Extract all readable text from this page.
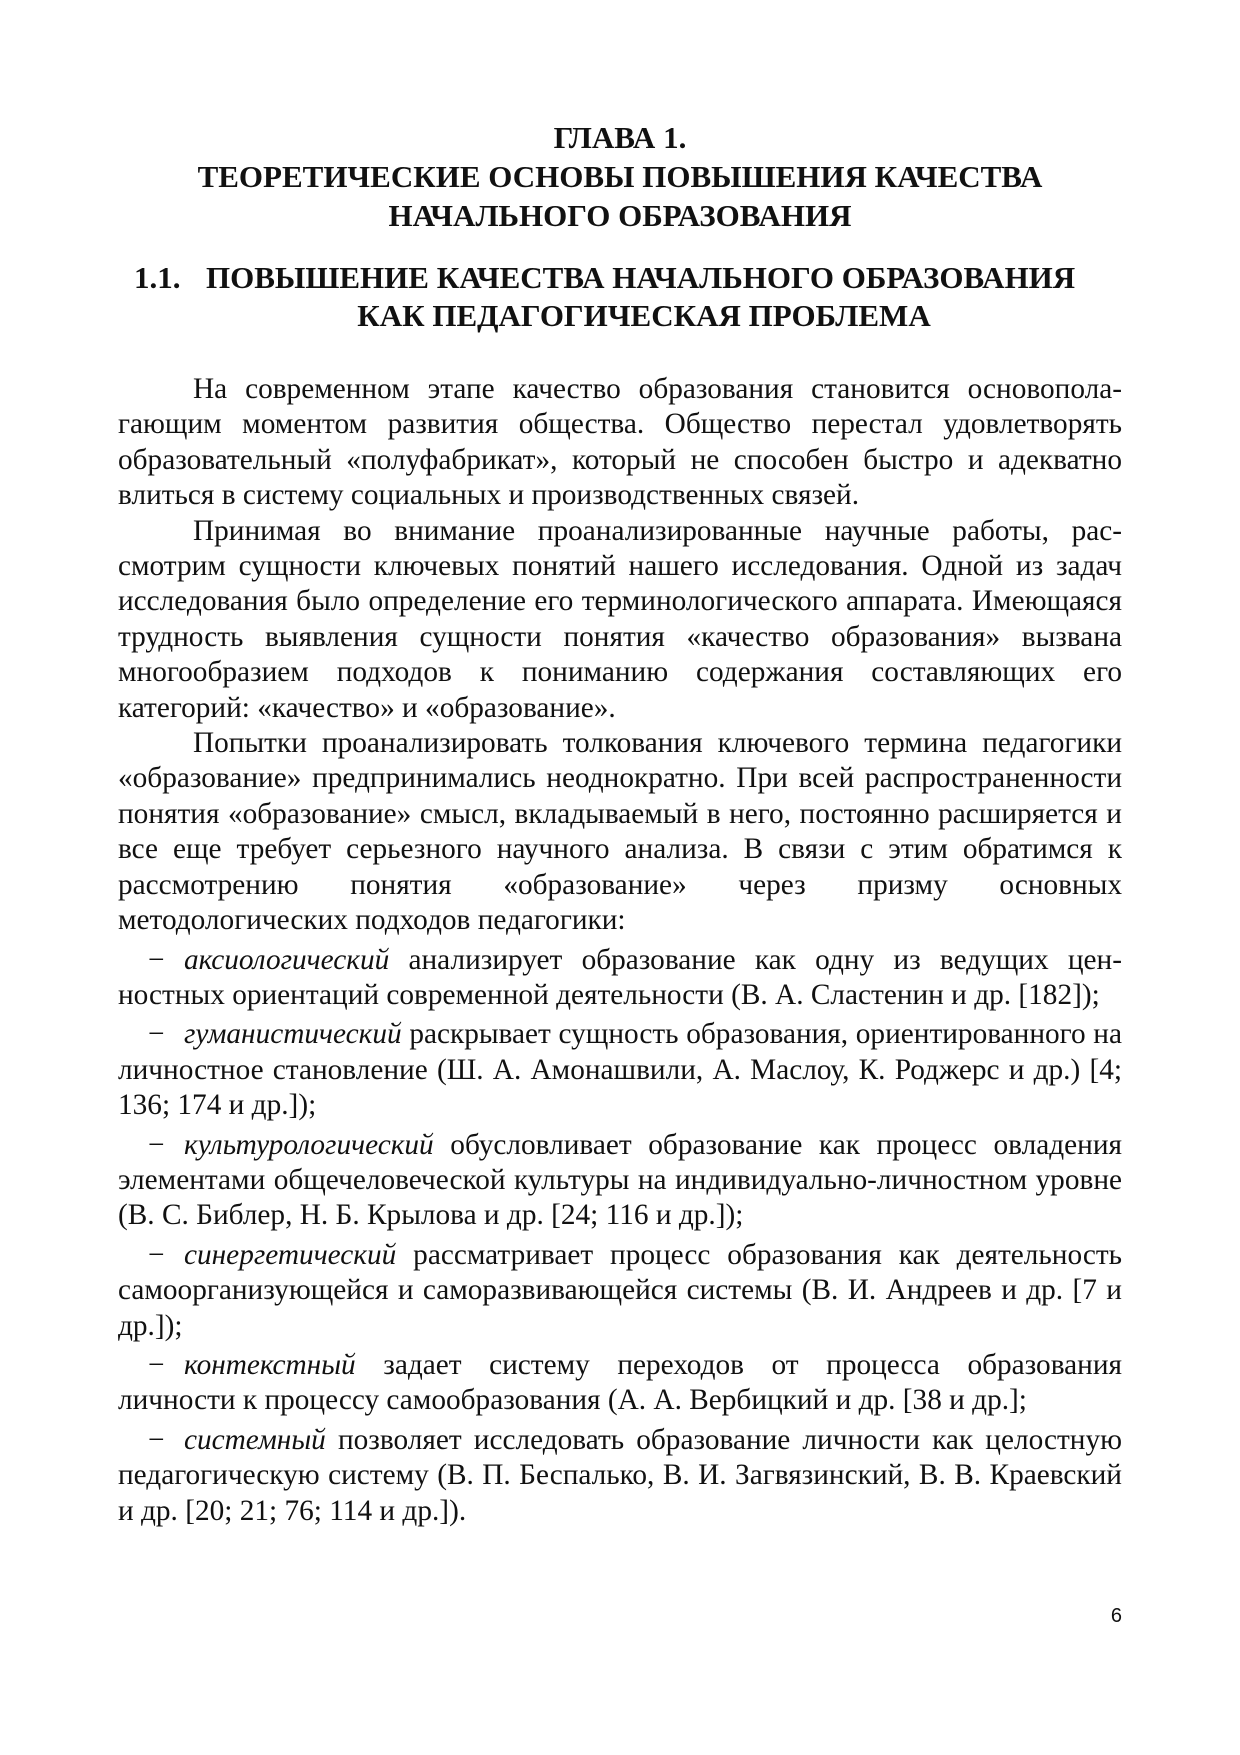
ГЛАВА 1.
ТЕОРЕТИЧЕСКИЕ ОСНОВЫ ПОВЫШЕНИЯ КАЧЕСТВА
НАЧАЛЬНОГО ОБРАЗОВАНИЯ
1.1. ПОВЫШЕНИЕ КАЧЕСТВА НАЧАЛЬНОГО ОБРАЗОВАНИЯ
КАК ПЕДАГОГИЧЕСКАЯ ПРОБЛЕМА

На современном этапе качество образования становится основополагающим моментом развития общества. Общество перестал удовлетворять образовательный «полуфабрикат», который не способен быстро и адекватно влиться в систему социальных и производственных связей.

Принимая во внимание проанализированные научные работы, рассмотрим сущности ключевых понятий нашего исследования. Одной из задач исследования было определение его терминологического аппарата. Имеющаяся трудность выявления сущности понятия «качество образования» вызвана многообразием подходов к пониманию содержания составляющих его категорий: «качество» и «образование».

Попытки проанализировать толкования ключевого термина педагогики «образование» предпринимались неоднократно. При всей распространенности понятия «образование» смысл, вкладываемый в него, постоянно расширяется и все еще требует серьезного научного анализа. В связи с этим обратимся к рассмотрению понятия «образование» через призму основных методологических подходов педагогики:

− аксиологический анализирует образование как одну из ведущих ценностных ориентаций современной деятельности (В. А. Сластенин и др. [182]);
− гуманистический раскрывает сущность образования, ориентированного на личностное становление (Ш. А. Амонашвили, А. Маслоу, К. Роджерс и др.) [4; 136; 174 и др.]);
− культурологический обусловливает образование как процесс овладения элементами общечеловеческой культуры на индивидуально-личностном уровне (В. С. Библер, Н. Б. Крылова и др. [24; 116 и др.]);
− синергетический рассматривает процесс образования как деятельность самоорганизующейся и саморазвивающейся системы (В. И. Андреев и др. [7 и др.]);
− контекстный задает систему переходов от процесса образования личности к процессу самообразования (А. А. Вербицкий и др. [38 и др.];
− системный позволяет исследовать образование личности как целостную педагогическую систему (В. П. Беспалько, В. И. Загвязинский, В. В. Краевский и др. [20; 21; 76; 114 и др.]).
6
